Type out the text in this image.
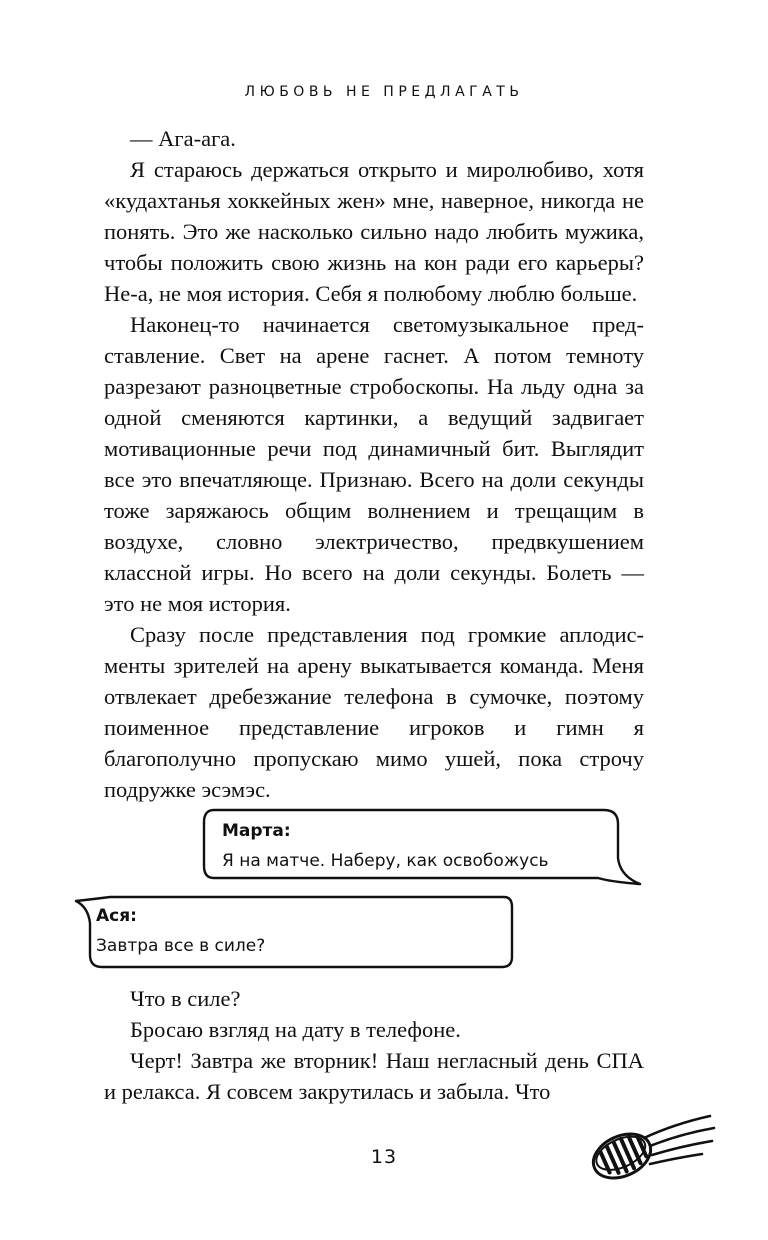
ЛЮБОВЬ НЕ ПРЕДЛАГАТЬ

— Ага-ага.

Я стараюсь держаться открыто и миролюбиво, хотя «кудахтанья хоккейных жен» мне, наверное, никогда не понять. Это же насколько сильно надо любить мужика, чтобы положить свою жизнь на кон ради его карьеры? Не-а, не моя история. Себя я полюбому люблю больше.

Наконец-то начинается светомузыкальное представление. Свет на арене гаснет. А потом темноту разрезают разноцветные стробоскопы. На льду одна за одной сменяются картинки, а ведущий задвигает мотивационные речи под динамичный бит. Выглядит все это впечатляюще. Признаю. Всего на доли секунды тоже заряжаюсь общим волнением и трещащим в воздухе, словно электричество, предвкушением классной игры. Но всего на доли секунды. Болеть — это не моя история.

Сразу после представления под громкие аплодисменты зрителей на арену выкатывается команда. Меня отвлекает дребезжание телефона в сумочке, поэтому поименное представление игроков и гимн я благополучно пропускаю мимо ушей, пока строчу подружке эсэмэс.

Марта:
Я на матче. Наберу, как освобожусь
Ася:
Завтра все в силе?

Что в силе?

Бросаю взгляд на дату в телефоне.

Черт! Завтра же вторник! Наш негласный день СПА и релакса. Я совсем закрутилась и забыла. Что

13
